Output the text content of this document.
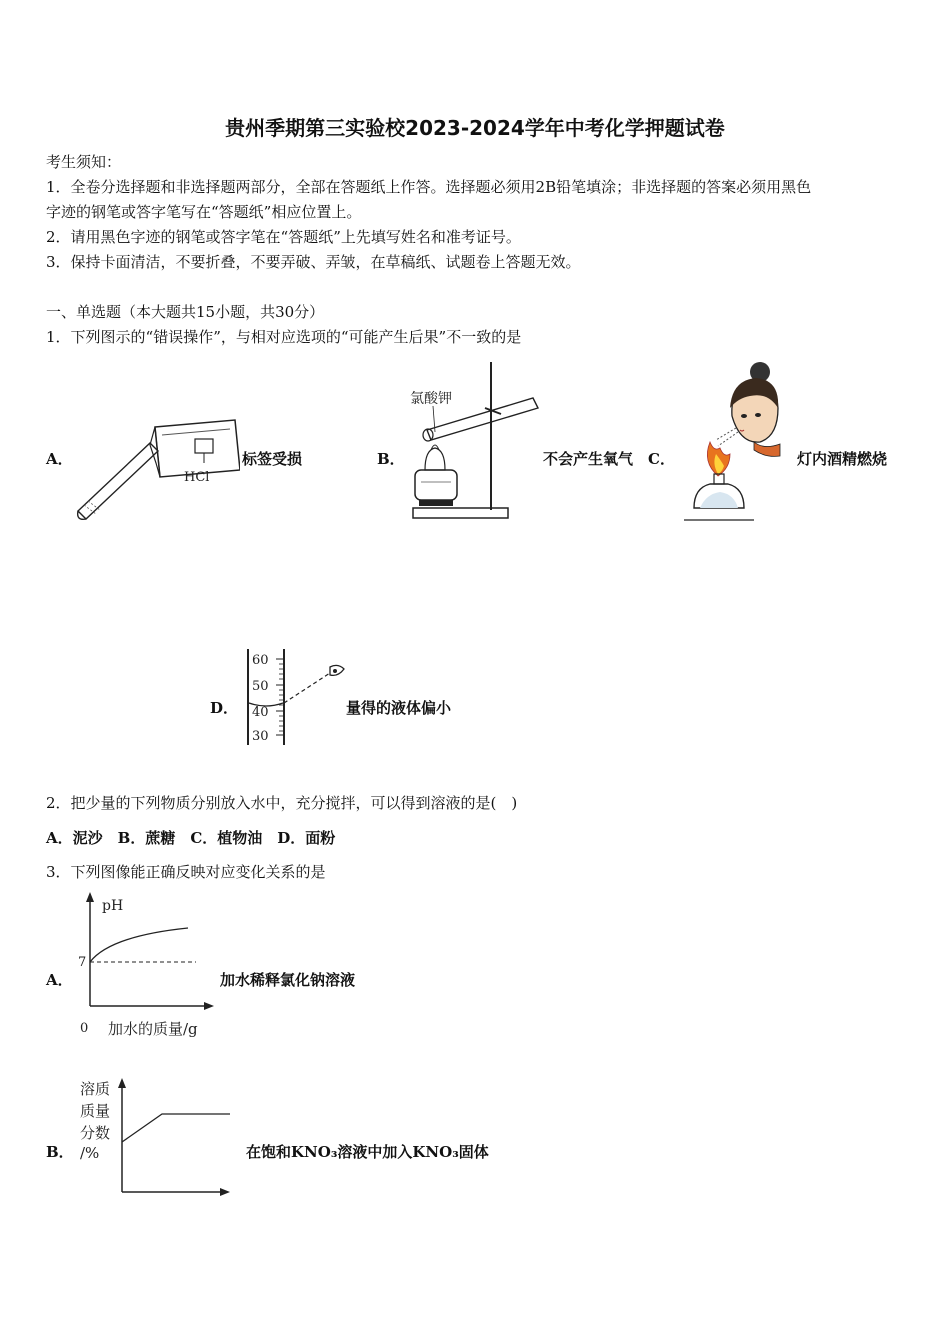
贵州季期第三实验校2023-2024学年中考化学押题试卷
考生须知：
1．全卷分选择题和非选择题两部分，全部在答题纸上作答。选择题必须用2B铅笔填涂；非选择题的答案必须用黑色
字迹的钢笔或答字笔写在“答题纸”相应位置上。
2．请用黑色字迹的钢笔或答字笔在“答题纸”上先填写姓名和准考证号。
3．保持卡面清洁，不要折叠，不要弄破、弄皱，在草稿纸、试题卷上答题无效。
一、单选题（本大题共15小题，共30分）
1．下列图示的“错误操作”，与相对应选项的“可能产生后果”不一致的是
A．
HCl
标签受损	B．
氯酸钾
不会产生氧气 C．	灯内酒精燃烧
D．
60
50
40
30
量得的液体偏小
2．把少量的下列物质分别放入水中，充分搅拌，可以得到溶液的是(　)
A．泥沙　B．蔗糖　C．植物油　D．面粉
3．下列图像能正确反映对应变化关系的是
A．
pH
7
0 加水的质量/g
加水稀释氯化钠溶液
B．
溶质
质量
分数
/%	在饱和KNO₃溶液中加入KNO₃固体
